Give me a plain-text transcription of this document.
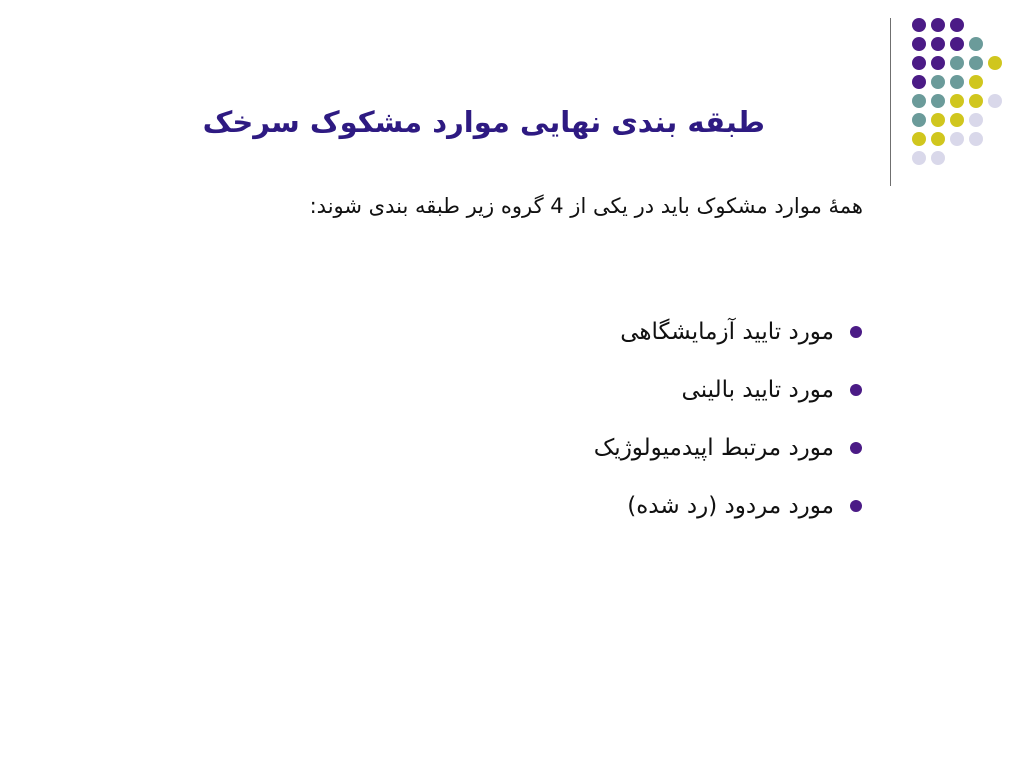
طبقه بندی نهایی موارد مشکوک سرخک
همۀ موارد مشکوک باید در یکی از 4 گروه زیر طبقه بندی شوند:
مورد تایید آزمایشگاهی
مورد تایید بالینی
مورد مرتبط اپیدمیولوژیک
مورد مردود (رد شده)
